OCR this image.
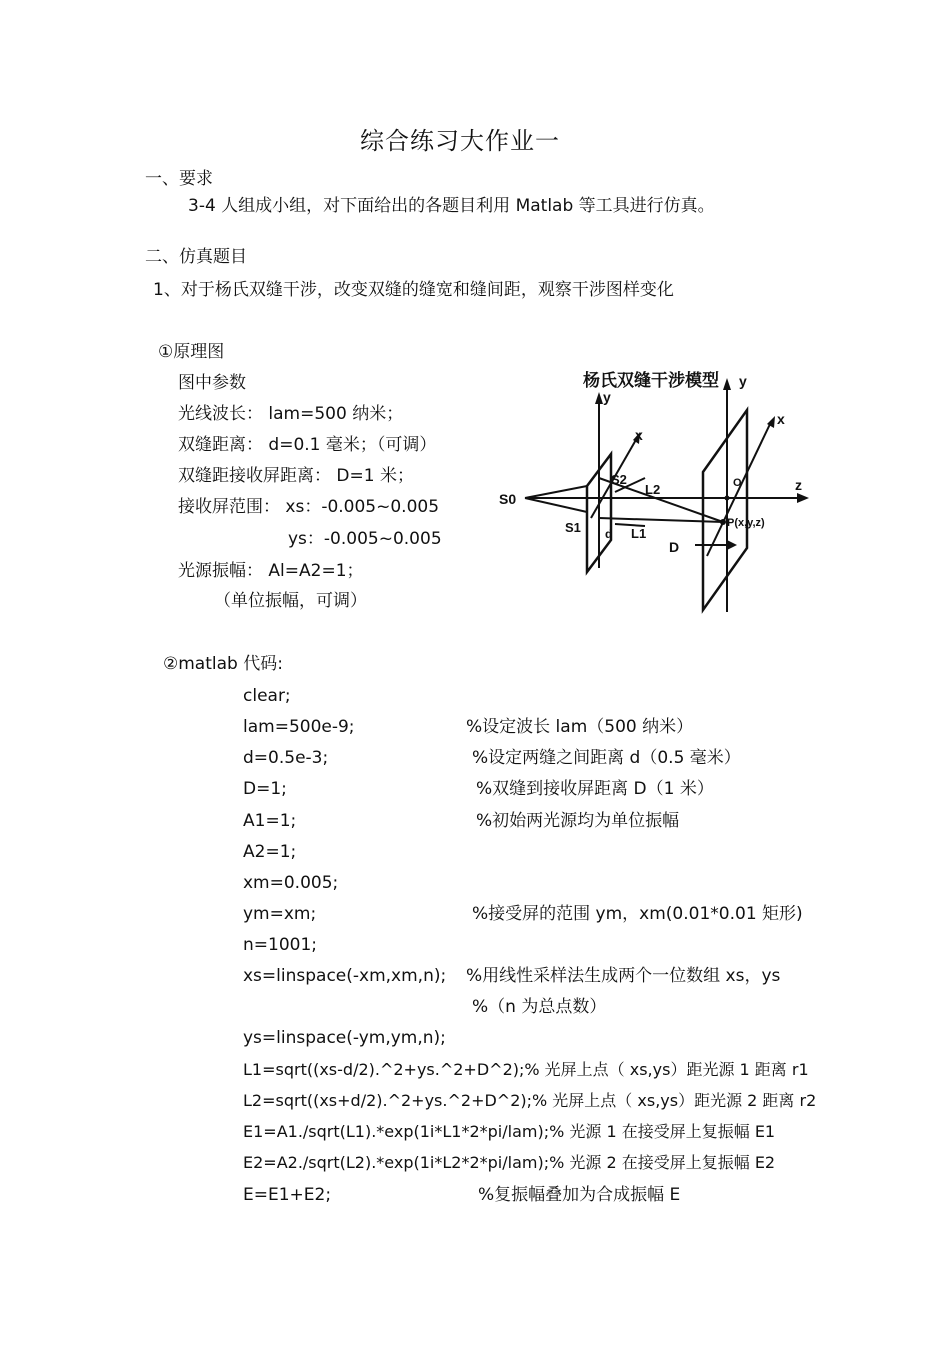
综合练习大作业一
一、要求
3-4 人组成小组，对下面给出的各题目利用 Matlab 等工具进行仿真。
二、仿真题目
1、对于杨氏双缝干涉，改变双缝的缝宽和缝间距，观察干涉图样变化
①原理图
图中参数
光线波长： lam=500 纳米；
双缝距离： d=0.1 毫米；（可调）
双缝距接收屏距离： D=1 米；
接收屏范围： xs：-0.005~0.005
ys：-0.005~0.005
光源振幅： Al=A2=1；
（单位振幅，可调）
杨氏双缝干涉模型
y
x
y
x
z
S0
S1
S2
L2
L1
d
D
O
P(x,y,z)
②matlab 代码:
clear;
lam=500e-9;	%设定波长 lam（500 纳米）
d=0.5e-3;	%设定两缝之间距离 d（0.5 毫米）
D=1;	%双缝到接收屏距离 D（1 米）
A1=1;	%初始两光源均为单位振幅
A2=1;
xm=0.005;
ym=xm;	%接受屏的范围 ym，xm(0.01*0.01 矩形)
n=1001;
xs=linspace(-xm,xm,n); %用线性采样法生成两个一位数组 xs，ys
%（n 为总点数）
ys=linspace(-ym,ym,n);
L1=sqrt((xs-d/2).^2+ys.^2+D^2);% 光屏上点（ xs,ys）距光源 1 距离 r1
L2=sqrt((xs+d/2).^2+ys.^2+D^2);% 光屏上点（ xs,ys）距光源 2 距离 r2
E1=A1./sqrt(L1).*exp(1i*L1*2*pi/lam);% 光源 1 在接受屏上复振幅 E1
E2=A2./sqrt(L2).*exp(1i*L2*2*pi/lam);% 光源 2 在接受屏上复振幅 E2
E=E1+E2;	%复振幅叠加为合成振幅 E
